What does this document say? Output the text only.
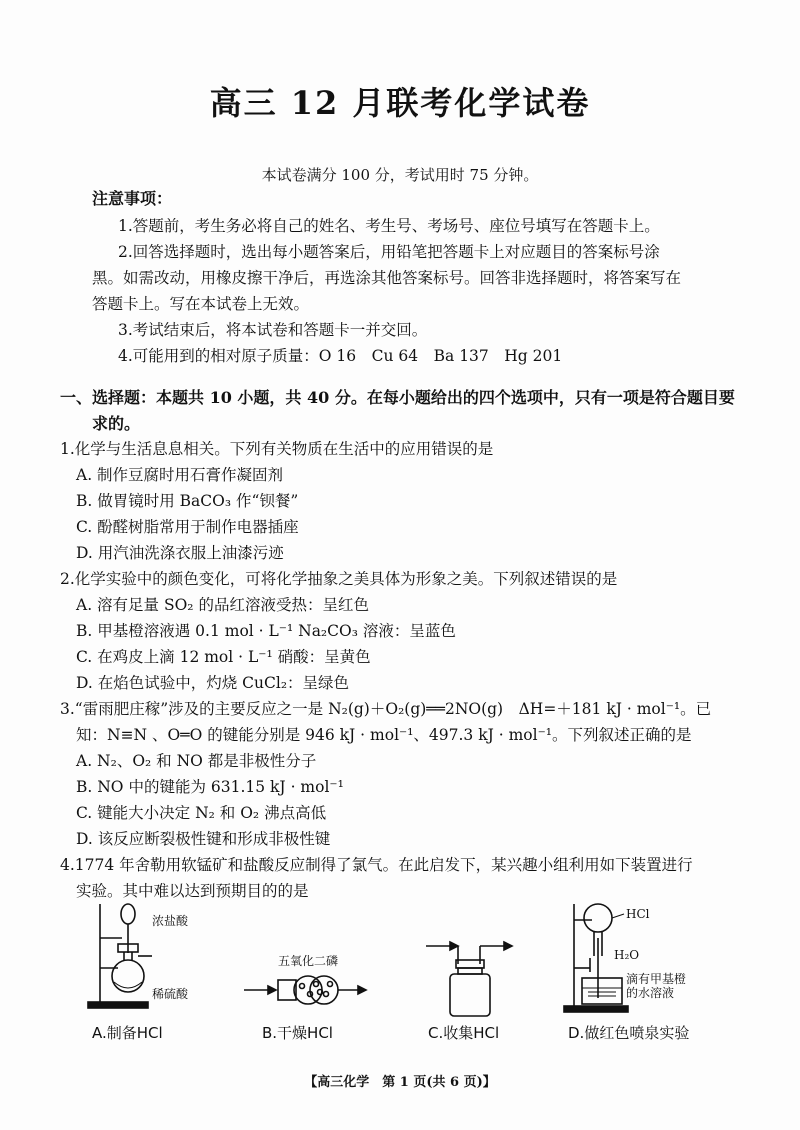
高三 12 月联考化学试卷
本试卷满分 100 分，考试用时 75 分钟。
注意事项：
1.答题前，考生务必将自己的姓名、考生号、考场号、座位号填写在答题卡上。
2.回答选择题时，选出每小题答案后，用铅笔把答题卡上对应题目的答案标号涂
黑。如需改动，用橡皮擦干净后，再选涂其他答案标号。回答非选择题时，将答案写在
答题卡上。写在本试卷上无效。
3.考试结束后，将本试卷和答题卡一并交回。
4.可能用到的相对原子质量：O 16　Cu 64　Ba 137　Hg 201
一、选择题：本题共 10 小题，共 40 分。在每小题给出的四个选项中，只有一项是符合题目要
求的。
1.化学与生活息息相关。下列有关物质在生活中的应用错误的是
A. 制作豆腐时用石膏作凝固剂
B. 做胃镜时用 BaCO₃ 作“钡餐”
C. 酚醛树脂常用于制作电器插座
D. 用汽油洗涤衣服上油漆污迹
2.化学实验中的颜色变化，可将化学抽象之美具体为形象之美。下列叙述错误的是
A. 溶有足量 SO₂ 的品红溶液受热：呈红色
B. 甲基橙溶液遇 0.1 mol · L⁻¹ Na₂CO₃ 溶液：呈蓝色
C. 在鸡皮上滴 12 mol · L⁻¹ 硝酸：呈黄色
D. 在焰色试验中，灼烧 CuCl₂：呈绿色
3.“雷雨肥庄稼”涉及的主要反应之一是 N₂(g)＋O₂(g)══2NO(g)　ΔH=＋181 kJ · mol⁻¹。已
知：N≡N 、O═O 的键能分别是 946 kJ · mol⁻¹、497.3 kJ · mol⁻¹。下列叙述正确的是
A. N₂、O₂ 和 NO 都是非极性分子
B. NO 中的键能为 631.15 kJ · mol⁻¹
C. 键能大小决定 N₂ 和 O₂ 沸点高低
D. 该反应断裂极性键和形成非极性键
4.1774 年舍勒用软锰矿和盐酸反应制得了氯气。在此启发下，某兴趣小组利用如下装置进行
实验。其中难以达到预期目的的是
浓盐酸
稀硫酸
五氧化二磷
HCl
H₂O
滴有甲基橙
的水溶液
A.制备HCl	B.干燥HCl	C.收集HCl	D.做红色喷泉实验
【高三化学　第 1 页(共 6 页)】
